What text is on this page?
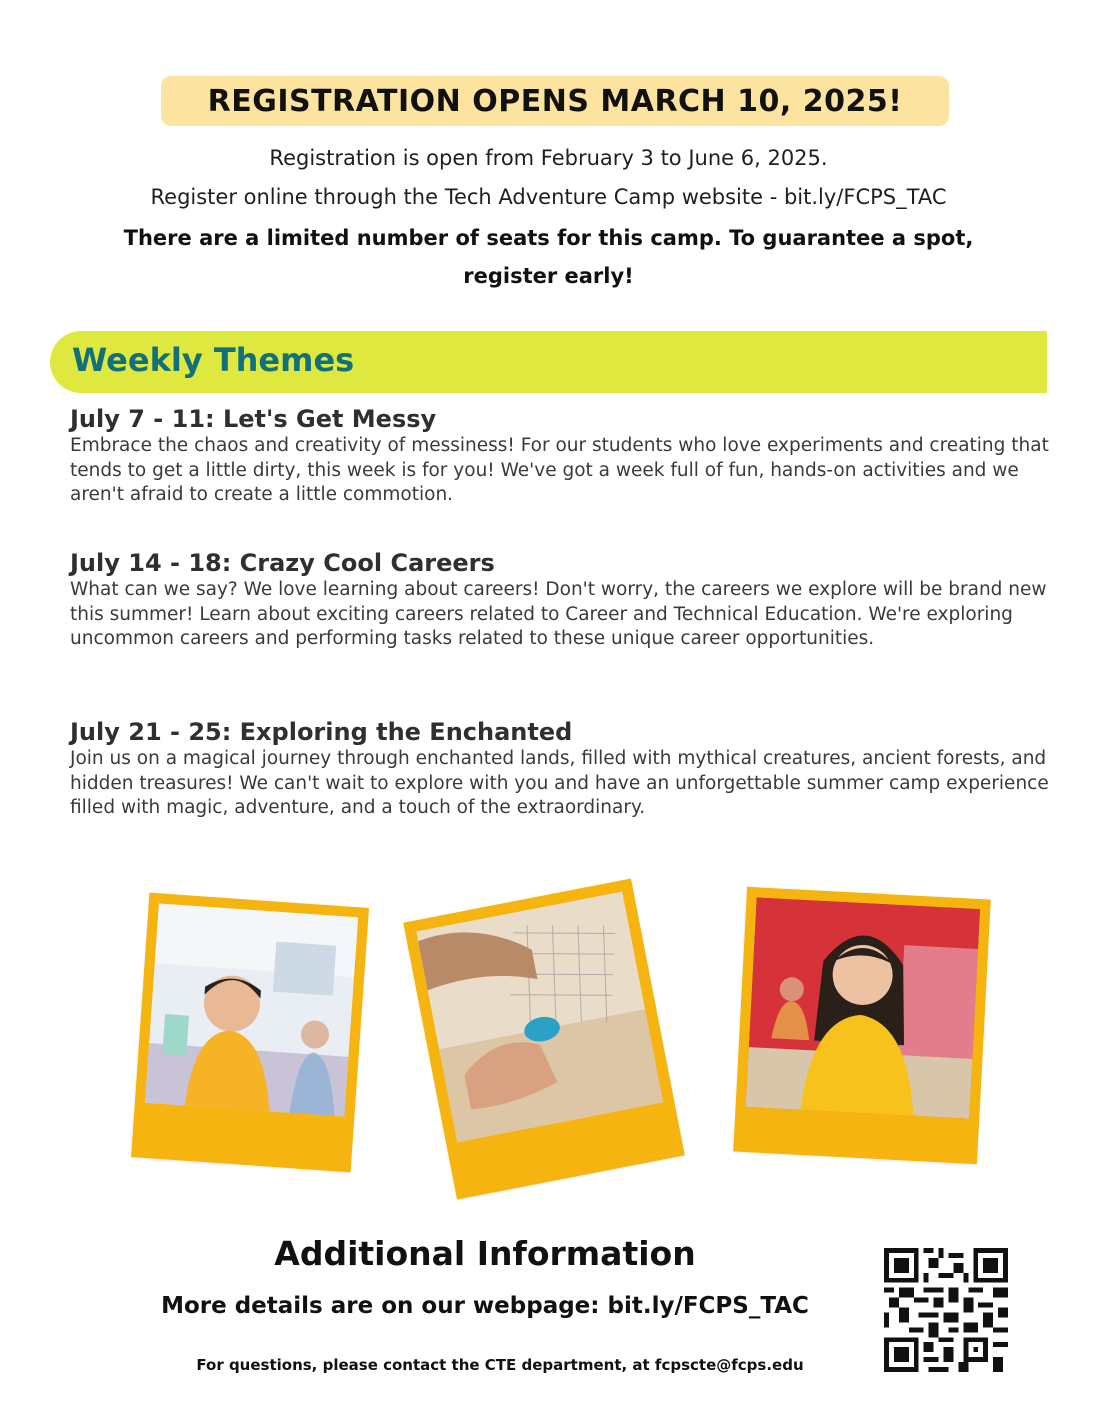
REGISTRATION OPENS MARCH 10, 2025!
Registration is open from February 3 to June 6, 2025.
Register online through the Tech Adventure Camp website - bit.ly/FCPS_TAC
There are a limited number of seats for this camp. To guarantee a spot,
register early!
Weekly Themes
July 7 - 11: Let's Get Messy

Embrace the chaos and creativity of messiness! For our students who love experiments and creating that tends to get a little dirty, this week is for you! We've got a week full of fun, hands-on activities and we aren't afraid to create a little commotion.

July 14 - 18: Crazy Cool Careers

What can we say? We love learning about careers! Don't worry, the careers we explore will be brand new this summer! Learn about exciting careers related to Career and Technical Education. We're exploring uncommon careers and performing tasks related to these unique career opportunities.

July 21 - 25: Exploring the Enchanted

Join us on a magical journey through enchanted lands, filled with mythical creatures, ancient forests, and hidden treasures! We can't wait to explore with you and have an unforgettable summer camp experience filled with magic, adventure, and a touch of the extraordinary.

Additional Information
More details are on our webpage: bit.ly/FCPS_TAC
For questions, please contact the CTE department, at fcpscte@fcps.edu
